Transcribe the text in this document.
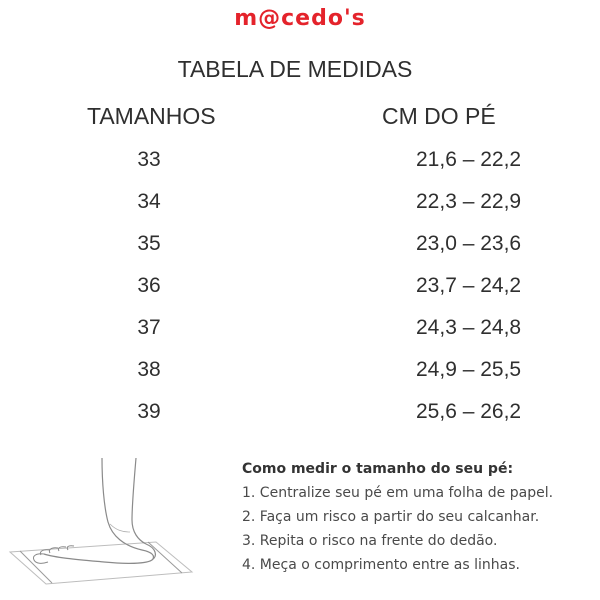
m@cedo's
TABELA DE MEDIDAS
TAMANHOS	CM DO PÉ
33	21,6 – 22,2
34	22,3 – 22,9
35	23,0 – 23,6
36	23,7 – 24,2
37	24,3 – 24,8
38	24,9 – 25,5
39	25,6 – 26,2
Como medir o tamanho do seu pé:
1. Centralize seu pé em uma folha de papel.
2. Faça um risco a partir do seu calcanhar.
3. Repita o risco na frente do dedão.
4. Meça o comprimento entre as linhas.
